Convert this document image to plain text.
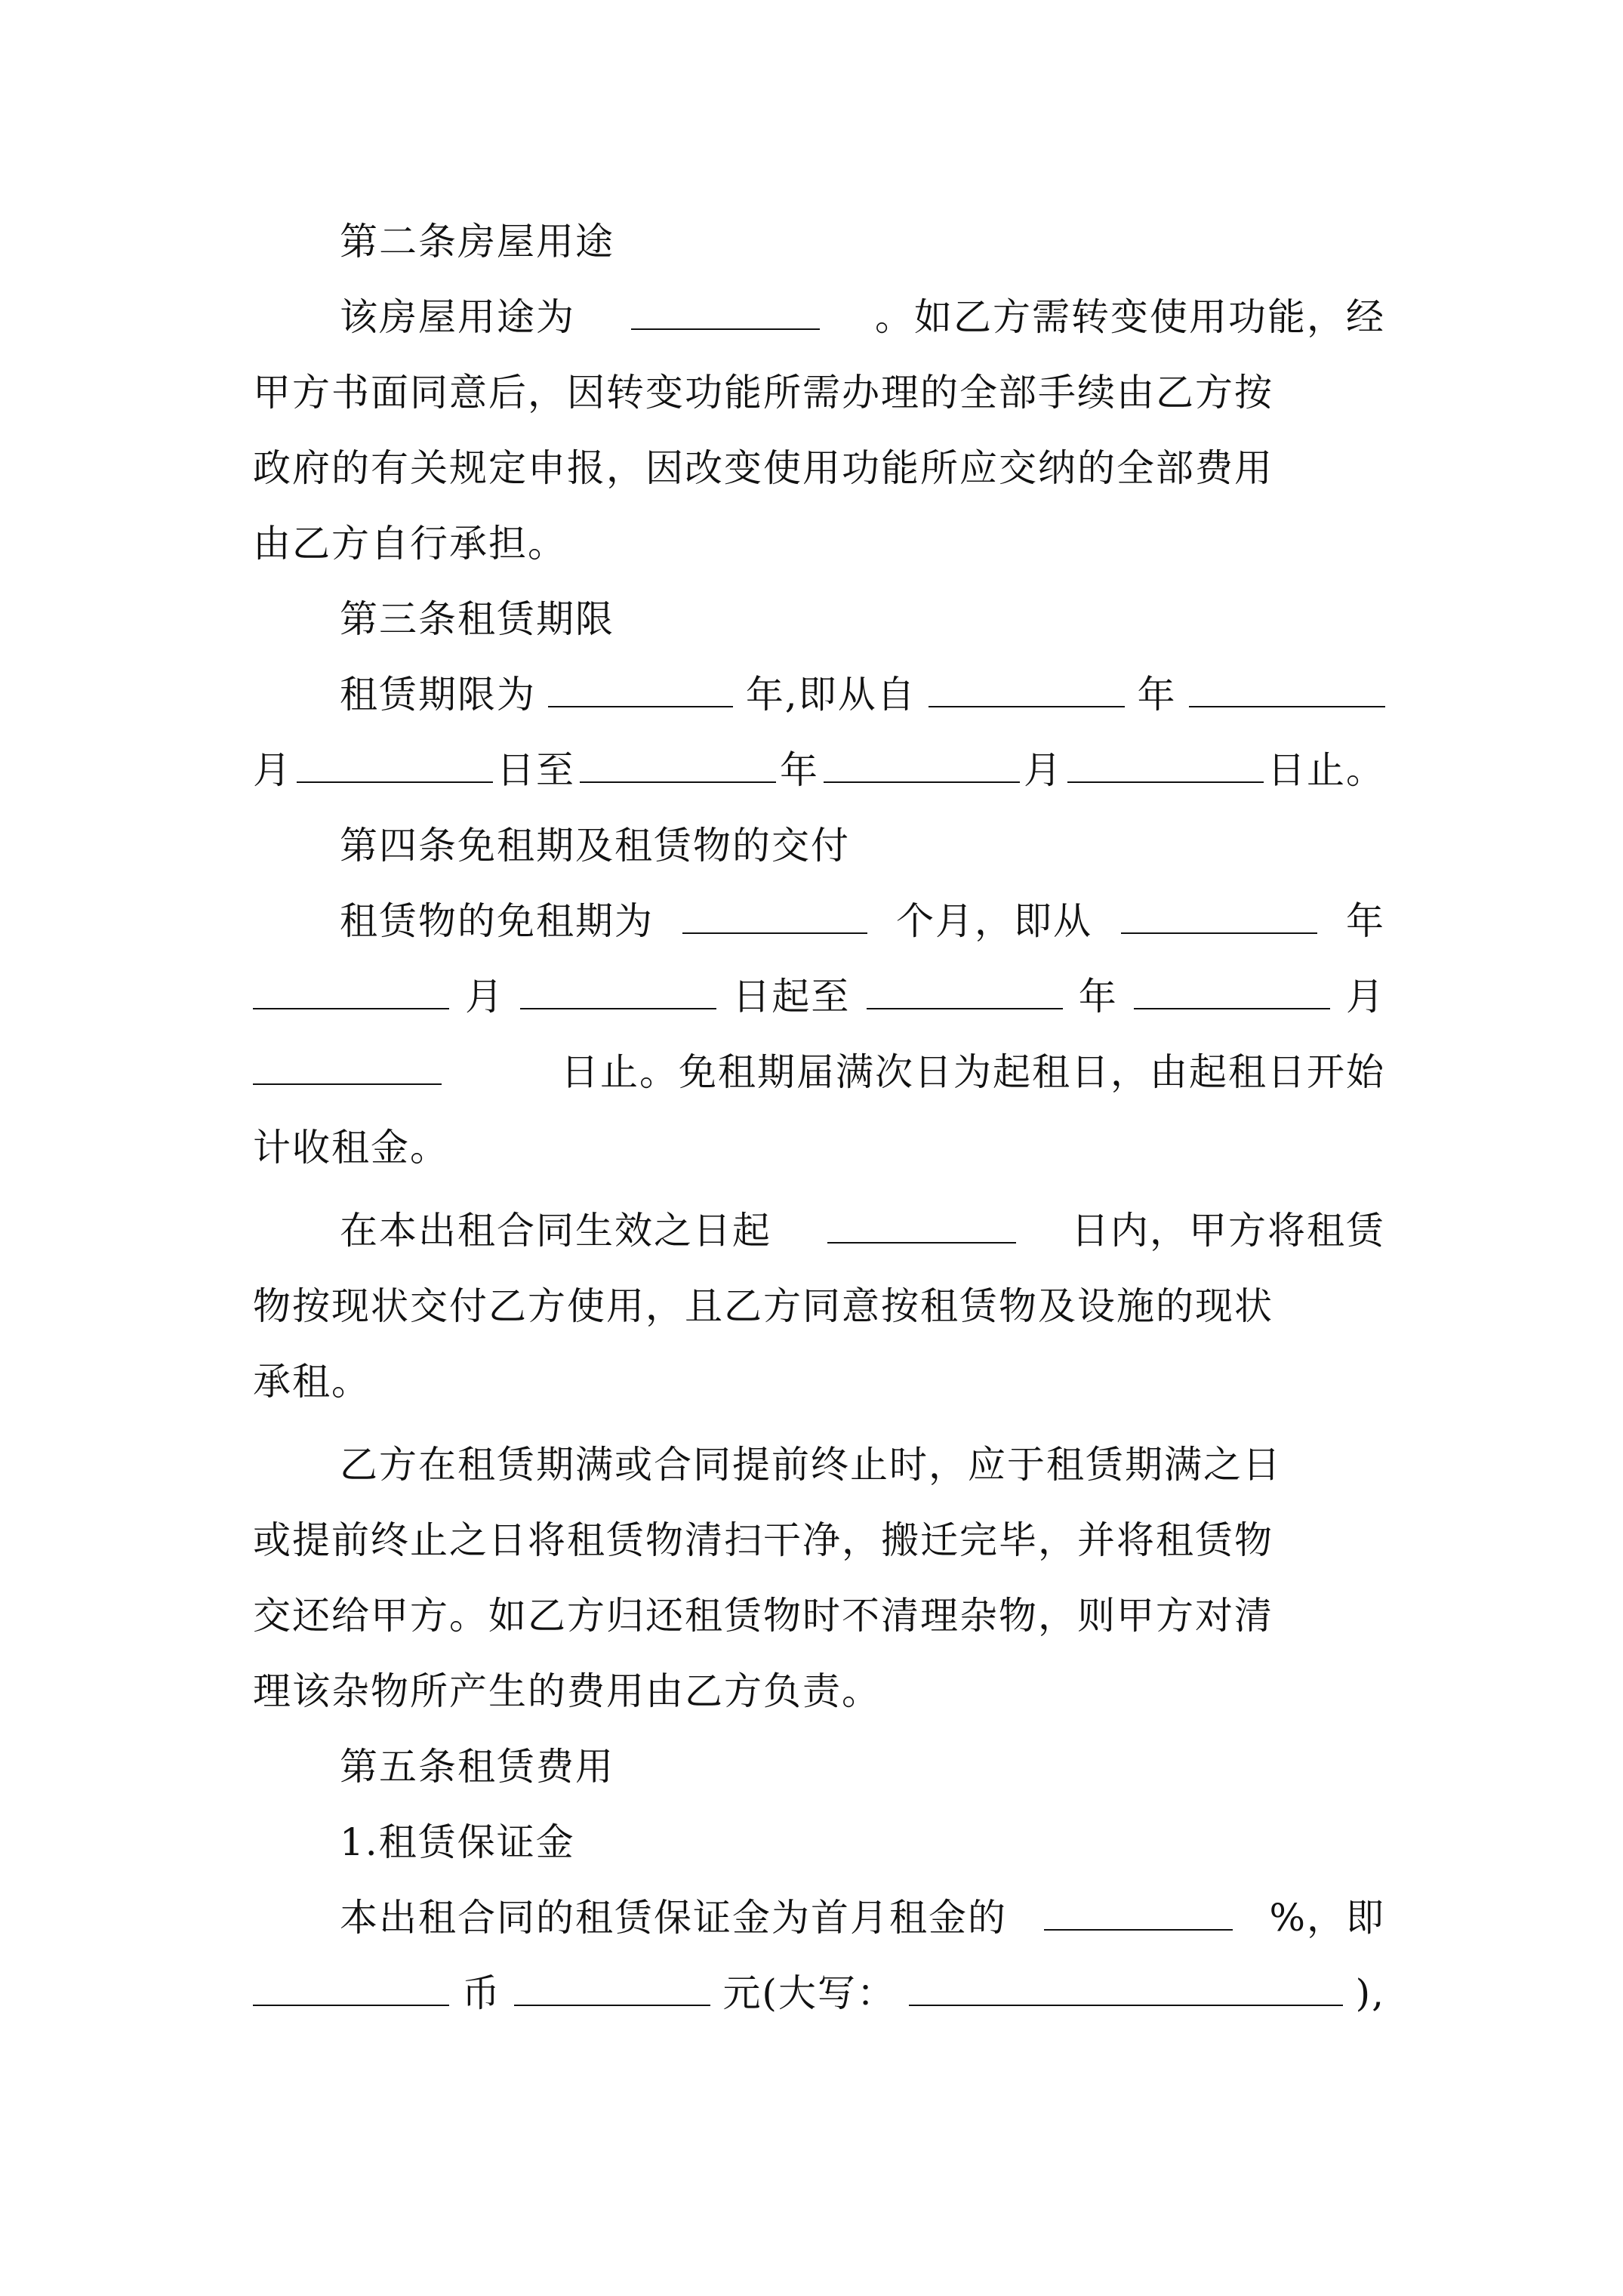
第二条房屋用途
该房屋用途为	。如乙方需转变使用功能，经
甲方书面同意后，因转变功能所需办理的全部手续由乙方按
政府的有关规定申报，因改变使用功能所应交纳的全部费用
由乙方自行承担。
第三条租赁期限
租赁期限为	年,即从自	年
月	日至	年	月	日止。
第四条免租期及租赁物的交付
租赁物的免租期为	个月，即从	年
月	日起至	年	月
日止。免租期届满次日为起租日，由起租日开始
计收租金。
在本出租合同生效之日起	日内，甲方将租赁
物按现状交付乙方使用，且乙方同意按租赁物及设施的现状
承租。
乙方在租赁期满或合同提前终止时，应于租赁期满之日
或提前终止之日将租赁物清扫干净，搬迁完毕，并将租赁物
交还给甲方。如乙方归还租赁物时不清理杂物，则甲方对清
理该杂物所产生的费用由乙方负责。
第五条租赁费用
1.租赁保证金
本出租合同的租赁保证金为首月租金的	%，即
币	元(大写：	),
